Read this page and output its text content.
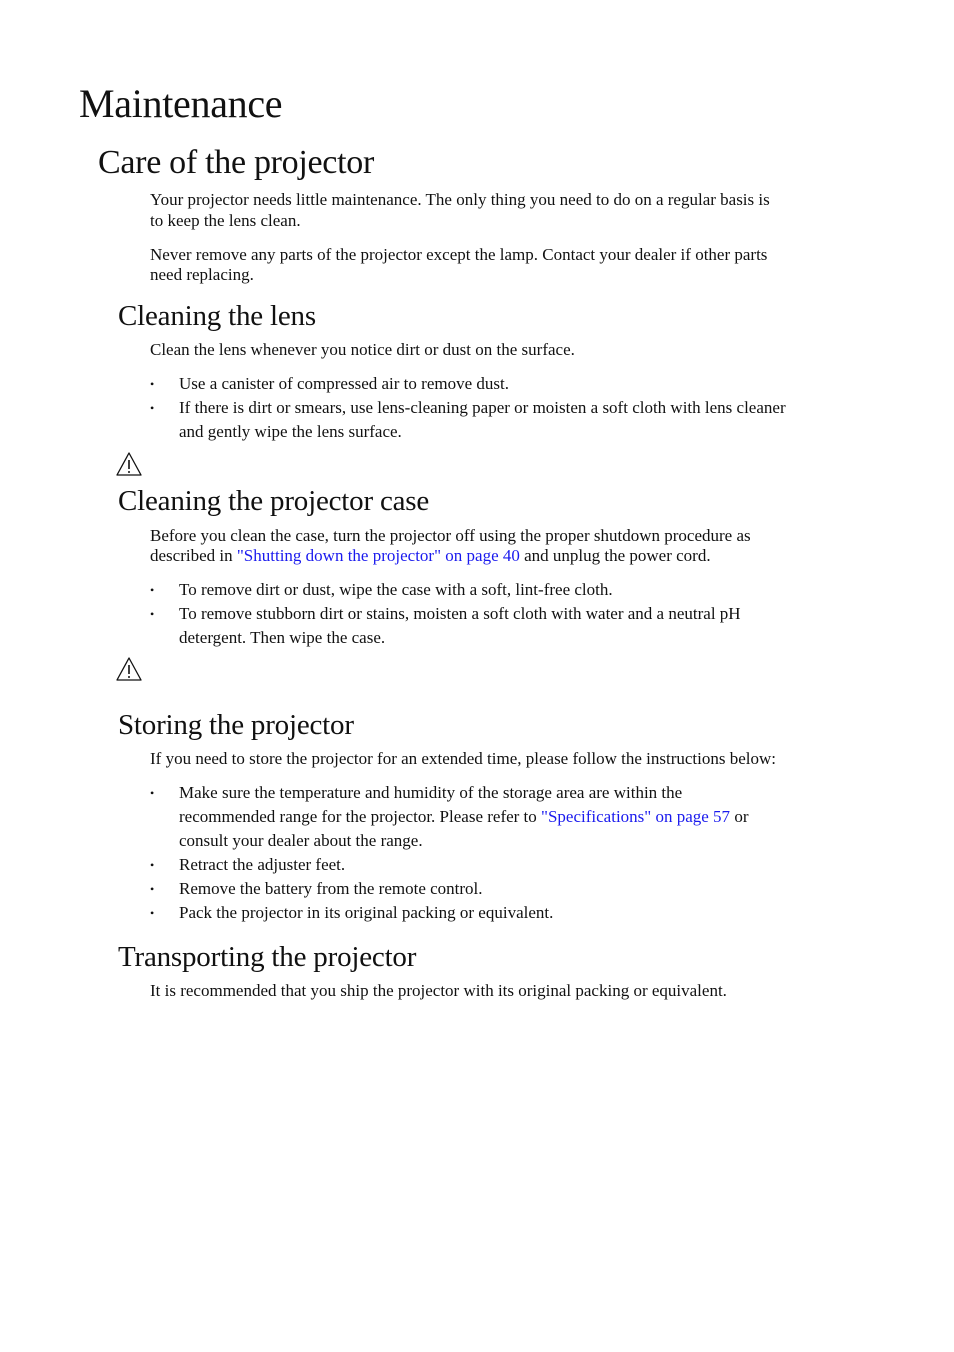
Maintenance
Care of the projector

Your projector needs little maintenance. The only thing you need to do on a regular basis is

to keep the lens clean.

Never remove any parts of the projector except the lamp. Contact your dealer if other parts

need replacing.

Cleaning the lens

Clean the lens whenever you notice dirt or dust on the surface.

• Use a canister of compressed air to remove dust.
• If there is dirt or smears, use lens-cleaning paper or moisten a soft cloth with lens cleaner
and gently wipe the lens surface.
Cleaning the projector case

Before you clean the case, turn the projector off using the proper shutdown procedure as

described in "Shutting down the projector" on page 40 and unplug the power cord.

• To remove dirt or dust, wipe the case with a soft, lint-free cloth.
• To remove stubborn dirt or stains, moisten a soft cloth with water and a neutral pH
detergent. Then wipe the case.
Storing the projector

If you need to store the projector for an extended time, please follow the instructions below:

• Make sure the temperature and humidity of the storage area are within the
recommended range for the projector. Please refer to "Specifications" on page 57 or
consult your dealer about the range.
• Retract the adjuster feet.
• Remove the battery from the remote control.
• Pack the projector in its original packing or equivalent.
Transporting the projector

It is recommended that you ship the projector with its original packing or equivalent.
